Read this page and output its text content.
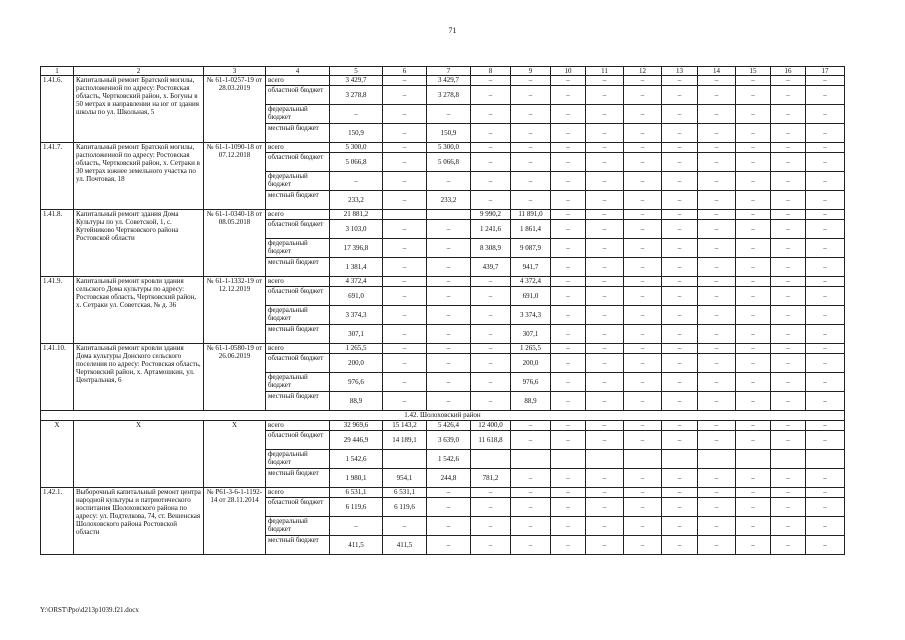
71
1	2	3	4	5	6	7	8	9	10	11	12	13	14	15	16	17
1.41.6.	Капитальный ремонт Братской могилы, расположенной по адресу: Ростовская область, Чертковский район, х. Богуны в 50 метрах в направлении на юг от здания школы по ул. Школьная, 5	№ 61-1-0257-19 от 28.03.2019	всего	3 429,7	–	3 429,7	–	–	–	–	–	–	–	–	–	–
			областной бюджет	3 278,8	–	3 278,8	–	–	–	–	–	–	–	–	–	–
			федеральный бюджет	–	–	–	–	–	–	–	–	–	–	–	–	–
			местный бюджет	150,9	–	150,9	–	–	–	–	–	–	–	–	–	–
1.41.7.	Капитальный ремонт Братской могилы, расположенной по адресу: Ростовская область, Чертковский район, х. Сетраки в 30 метрах южнее земельного участка по ул. Почтовая, 18	№ 61-1-1090-18 от 07.12.2018	всего	5 300,0	–	5 300,0	–	–	–	–	–	–	–	–	–	–
			областной бюджет	5 066,8	–	5 066,8	–	–	–	–	–	–	–	–	–	–
			федеральный бюджет	–	–	–	–	–	–	–	–	–	–	–	–	–
			местный бюджет	233,2	–	233,2	–	–	–	–	–	–	–	–	–	–
1.41.8.	Капитальный ремонт здания Дома Культуры по ул. Советской, 1, с. Кутейниково Чертковского района Ростовской области	№ 61-1-0340-18 от 08.05.2018	всего	21 881,2			9 990,2	11 891,0	–	–	–	–	–	–	–	–
			областной бюджет	3 103,0	–	–	1 241,6	1 861,4	–	–	–	–	–	–	–	–
			федеральный бюджет	17 396,8	–	–	8 308,9	9 087,9	–	–	–	–	–	–	–	–
			местный бюджет	1 381,4	–	–	439,7	941,7	–	–	–	–	–	–	–	–
1.41.9.	Капитальный ремонт кровли здания сельского Дома культуры по адресу: Ростовская область, Чертковский район, х. Сетраки ул. Советская, № д. 36	№ 61-1-1332-19 от 12.12.2019	всего	4 372,4	–	–	–	4 372,4	–	–	–	–	–	–	–	–
			областной бюджет	691,0	–	–	–	691,0	–	–	–	–	–	–	–	–
			федеральный бюджет	3 374,3	–	–	–	3 374,3	–	–	–	–	–	–	–	–
			местный бюджет	307,1	–	–	–	307,1	–	–	–	–	–	–	–	–
1.41.10.	Капитальный ремонт кровли здания Дома культуры Донского сельского поселения по адресу: Ростовская область, Чертковский район, х. Артамошкин, ул. Центральная, 6	№ 61-1-0580-19 от 26.06.2019	всего	1 265,5	–	–	–	1 265,5	–	–	–	–	–	–	–	–
			областной бюджет	200,0	–	–	–	200,0	–	–	–	–	–	–	–	–
			федеральный бюджет	976,6	–	–	–	976,6	–	–	–	–	–	–	–	–
			местный бюджет	88,9	–	–	–	88,9	–	–	–	–	–	–	–	–
1.42. Шолоховский район																
Х	Х	Х	всего	32 969,6	15 143,2	5 426,4	12 400,0	–	–	–	–	–	–	–	–	–
			областной бюджет	29 446,9	14 189,1	3 639,0	11 618,8	–	–	–	–	–	–	–	–	–
			федеральный бюджет	1 542,6		1 542,6										
			местный бюджет	1 980,1	954,1	244,8	781,2	–	–	–	–	–	–	–	–	–
1.42.1.	Выборочный капитальный ремонт центра народной культуры и патриотического воспитания Шолоховского района по адресу: ул. Подтелкова, 74, ст. Вешенская Шолоховского района Ростовской области	№ Р61-3-6-1-1192-14 от 28.11.2014	всего	6 531,1	6 531,1	–	–	–	–	–	–	–	–	–	–	–
			областной бюджет	6 119,6	6 119,6	–	–	–	–	–	–	–	–	–	–	–
			федеральный бюджет	–	–	–	–	–	–	–	–	–	–	–	–	–
			местный бюджет	411,5	411,5	–	–	–	–	–	–	–	–	–	–	–
Y:\ORST\Ppo\d213p1039.f21.docx
